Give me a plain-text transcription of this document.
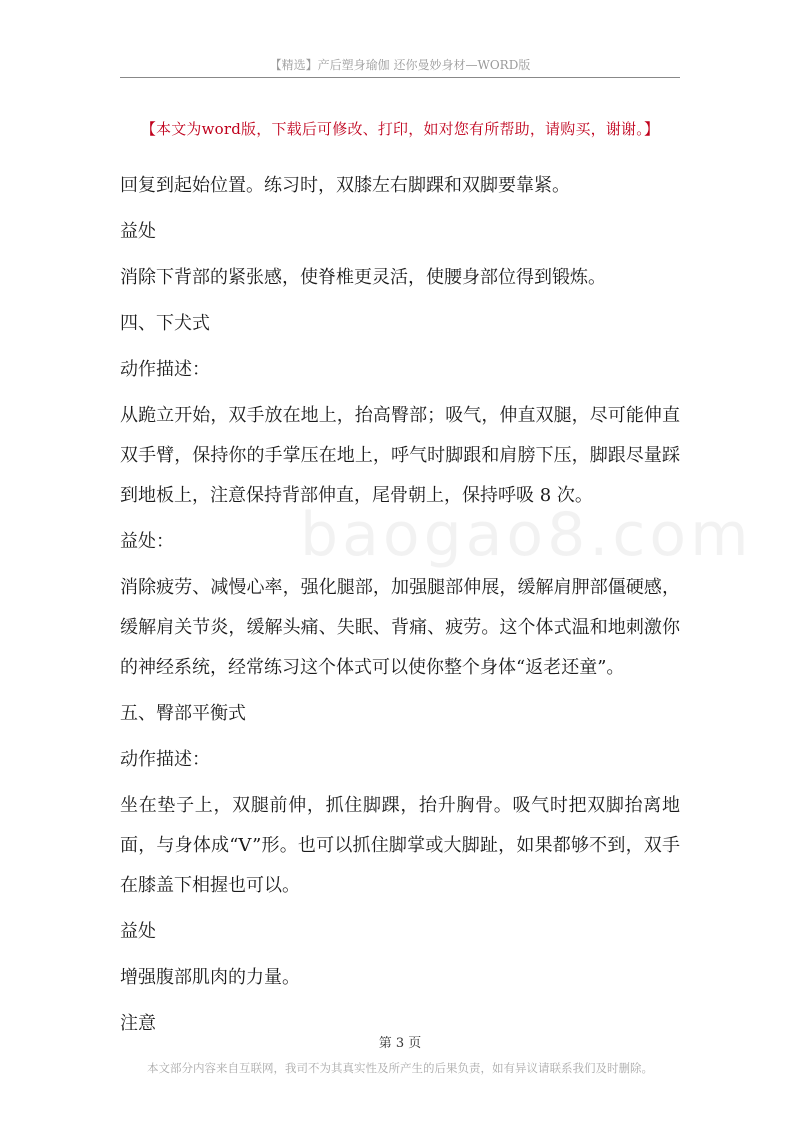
【精选】产后塑身瑜伽 还你曼妙身材—WORD版
【本文为word版，下载后可修改、打印，如对您有所帮助，请购买，谢谢。】
baogao8.com

回复到起始位置。练习时，双膝左右脚踝和双脚要靠紧。

益处

消除下背部的紧张感，使脊椎更灵活，使腰身部位得到锻炼。

四、下犬式

动作描述：

从跪立开始，双手放在地上，抬高臀部；吸气，伸直双腿，尽可能伸直双手臂，保持你的手掌压在地上，呼气时脚跟和肩膀下压，脚跟尽量踩到地板上，注意保持背部伸直，尾骨朝上，保持呼吸 8 次。

益处：

消除疲劳、减慢心率，强化腿部，加强腿部伸展，缓解肩胛部僵硬感，缓解肩关节炎，缓解头痛、失眠、背痛、疲劳。这个体式温和地刺激你的神经系统，经常练习这个体式可以使你整个身体“返老还童”。

五、臀部平衡式

动作描述：

坐在垫子上，双腿前伸，抓住脚踝，抬升胸骨。吸气时把双脚抬离地面，与身体成“V”形。也可以抓住脚掌或大脚趾，如果都够不到，双手在膝盖下相握也可以。

益处

增强腹部肌肉的力量。

注意

第 3 页
本文部分内容来自互联网，我司不为其真实性及所产生的后果负责，如有异议请联系我们及时删除。
